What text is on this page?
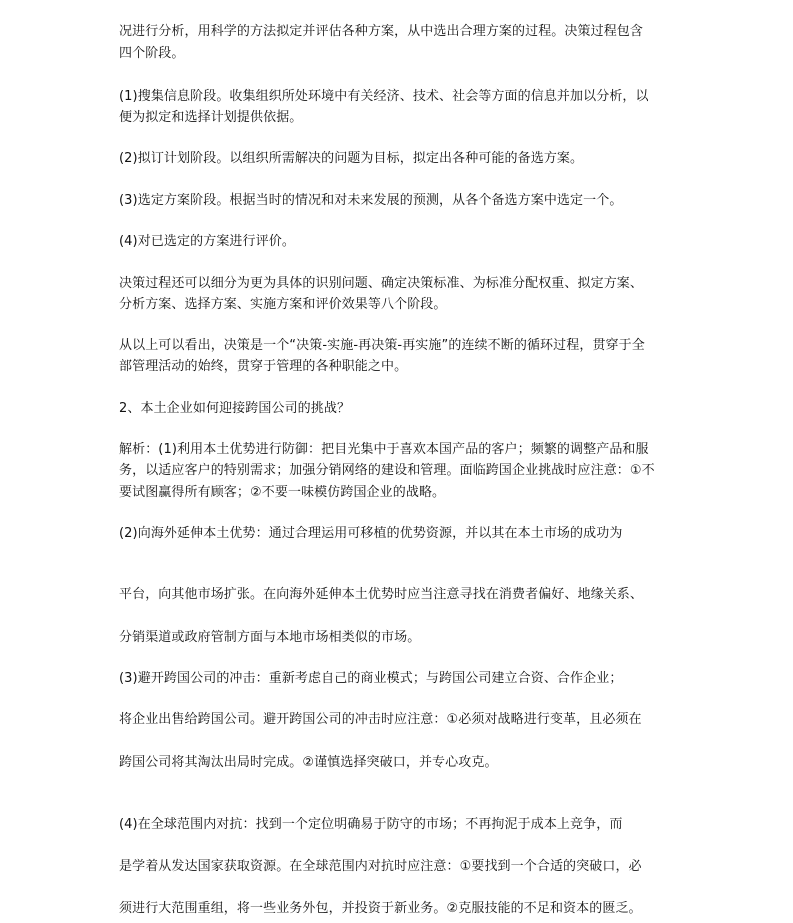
况进行分析，用科学的方法拟定并评估各种方案，从中选出合理方案的过程。决策过程包含
四个阶段。
(1)搜集信息阶段。收集组织所处环境中有关经济、技术、社会等方面的信息并加以分析，以
便为拟定和选择计划提供依据。
(2)拟订计划阶段。以组织所需解决的问题为目标，拟定出各种可能的备选方案。
(3)选定方案阶段。根据当时的情况和对未来发展的预测，从各个备选方案中选定一个。
(4)对已选定的方案进行评价。
决策过程还可以细分为更为具体的识别问题、确定决策标准、为标准分配权重、拟定方案、
分析方案、选择方案、实施方案和评价效果等八个阶段。
从以上可以看出，决策是一个“决策-实施-再决策-再实施”的连续不断的循环过程，贯穿于全
部管理活动的始终，贯穿于管理的各种职能之中。
2、本土企业如何迎接跨国公司的挑战？
解析：(1)利用本土优势进行防御：把目光集中于喜欢本国产品的客户；频繁的调整产品和服
务，以适应客户的特别需求；加强分销网络的建设和管理。面临跨国企业挑战时应注意：①不
要试图赢得所有顾客；②不要一味模仿跨国企业的战略。
(2)向海外延伸本土优势：通过合理运用可移植的优势资源，并以其在本土市场的成功为
平台，向其他市场扩张。在向海外延伸本土优势时应当注意寻找在消费者偏好、地缘关系、
分销渠道或政府管制方面与本地市场相类似的市场。
(3)避开跨国公司的冲击：重新考虑自己的商业模式；与跨国公司建立合资、合作企业；
将企业出售给跨国公司。避开跨国公司的冲击时应注意：①必须对战略进行变革，且必须在
跨国公司将其淘汰出局时完成。②谨慎选择突破口，并专心攻克。
(4)在全球范围内对抗：找到一个定位明确易于防守的市场；不再拘泥于成本上竞争，而
是学着从发达国家获取资源。在全球范围内对抗时应注意：①要找到一个合适的突破口，必
须进行大范围重组，将一些业务外包，并投资于新业务。②克服技能的不足和资本的匮乏。
